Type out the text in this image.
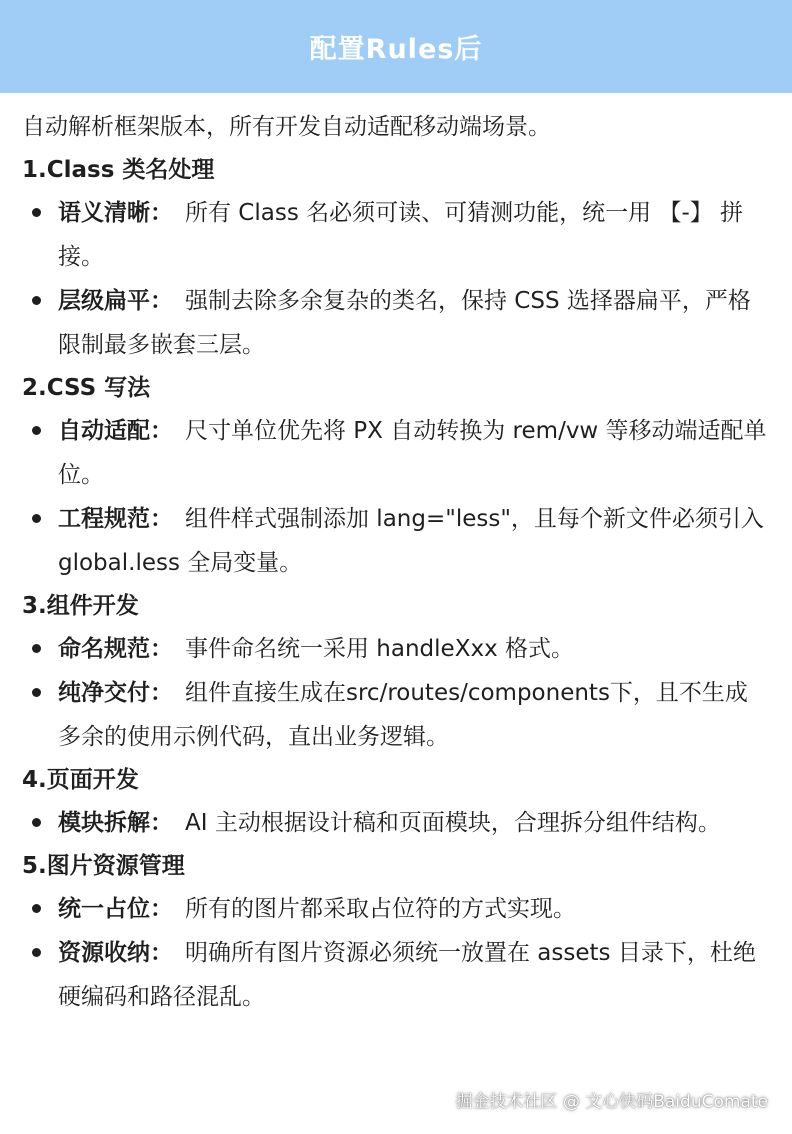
配置Rules后

自动解析框架版本，所有开发自动适配移动端场景。

1.Class 类名处理

语义清晰： 所有 Class 名必须可读、可猜测功能，统一用 【-】 拼接。
层级扁平： 强制去除多余复杂的类名，保持 CSS 选择器扁平，严格限制最多嵌套三层。

2.CSS 写法

自动适配： 尺寸单位优先将 PX 自动转换为 rem/vw 等移动端适配单位。
工程规范： 组件样式强制添加 lang="less"，且每个新文件必须引入 global.less 全局变量。

3.组件开发

命名规范： 事件命名统一采用 handleXxx 格式。
纯净交付： 组件直接生成在src/routes/components下，且不生成多余的使用示例代码，直出业务逻辑。

4.页面开发

模块拆解： AI 主动根据设计稿和页面模块，合理拆分组件结构。

5.图片资源管理

统一占位： 所有的图片都采取占位符的方式实现。
资源收纳： 明确所有图片资源必须统一放置在 assets 目录下，杜绝硬编码和路径混乱。
掘金技术社区 @ 文心快码BaiduComate
